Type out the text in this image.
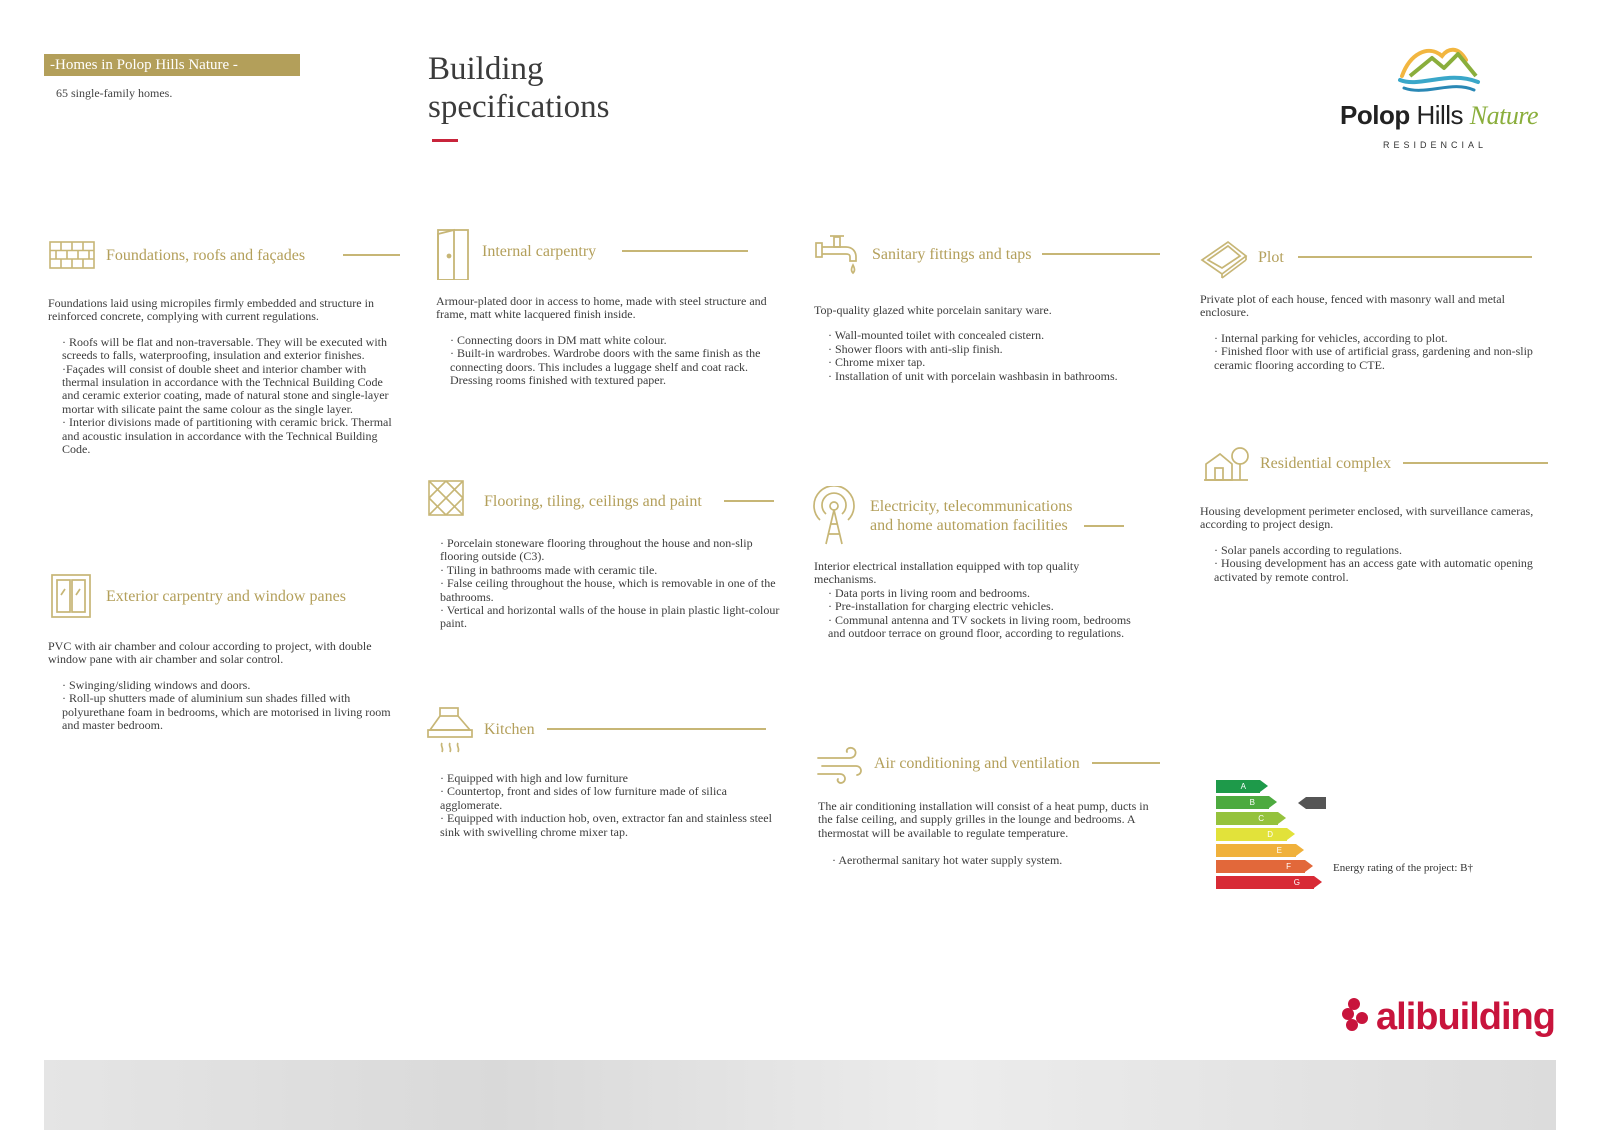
-Homes in Polop Hills Nature -
65 single-family homes.
Building specifications	Polop Hills Nature
RESIDENCIAL
Foundations, roofs and façades

Foundations laid using micropiles firmly embedded and structure in reinforced concrete, complying with current regulations.

· Roofs will be flat and non-traversable. They will be executed with screeds to falls, waterproofing, insulation and exterior finishes.
·Façades will consist of double sheet and interior chamber with thermal insulation in accordance with the Technical Building Code and ceramic exterior coating, made of natural stone and single-layer mortar with silicate paint the same colour as the single layer.
· Interior divisions made of partitioning with ceramic brick. Thermal and acoustic insulation in accordance with the Technical Building Code.
Internal carpentry

Armour-plated door in access to home, made with steel structure and frame, matt white lacquered finish inside.

· Connecting doors in DM matt white colour.
· Built-in wardrobes. Wardrobe doors with the same finish as the connecting doors. This includes a luggage shelf and coat rack. Dressing rooms finished with textured paper.
Sanitary fittings and taps

Top-quality glazed white porcelain sanitary ware.

· Wall-mounted toilet with concealed cistern.
· Shower floors with anti-slip finish.
· Chrome mixer tap.
· Installation of unit with porcelain washbasin in bathrooms.
Plot

Private plot of each house, fenced with masonry wall and metal enclosure.

· Internal parking for vehicles, according to plot.
· Finished floor with use of artificial grass, gardening and non-slip ceramic flooring according to CTE.
Flooring, tiling, ceilings and paint
· Porcelain stoneware flooring throughout the house and non-slip flooring outside (C3).
· Tiling in bathrooms made with ceramic tile.
· False ceiling throughout the house, which is removable in one of the bathrooms.
· Vertical and horizontal walls of the house in plain plastic light-colour paint.
Electricity, telecommunications
and home automation facilities

Interior electrical installation equipped with top quality mechanisms.

· Data ports in living room and bedrooms.
· Pre-installation for charging electric vehicles.
· Communal antenna and TV sockets in living room, bedrooms and outdoor terrace on ground floor, according to regulations.
Residential complex

Housing development perimeter enclosed, with surveillance cameras, according to project design.

· Solar panels according to regulations.
· Housing development has an access gate with automatic opening activated by remote control.
Exterior carpentry and window panes

PVC with air chamber and colour according to project, with double window pane with air chamber and solar control.

· Swinging/sliding windows and doors.
· Roll-up shutters made of aluminium sun shades filled with polyurethane foam in bedrooms, which are motorised in living room and master bedroom.	Kitchen
· Equipped with high and low furniture
· Countertop, front and sides of low furniture made of silica agglomerate.
· Equipped with induction hob, oven, extractor fan and stainless steel sink with swivelling chrome mixer tap.
Air conditioning and ventilation

The air conditioning installation will consist of a heat pump, ducts in the false ceiling, and supply grilles in the lounge and bedrooms. A thermostat will be available to regulate temperature.

· Aerothermal sanitary hot water supply system.
A
B
C
D
E
F
G
Energy rating of the project: B†
alibuilding
